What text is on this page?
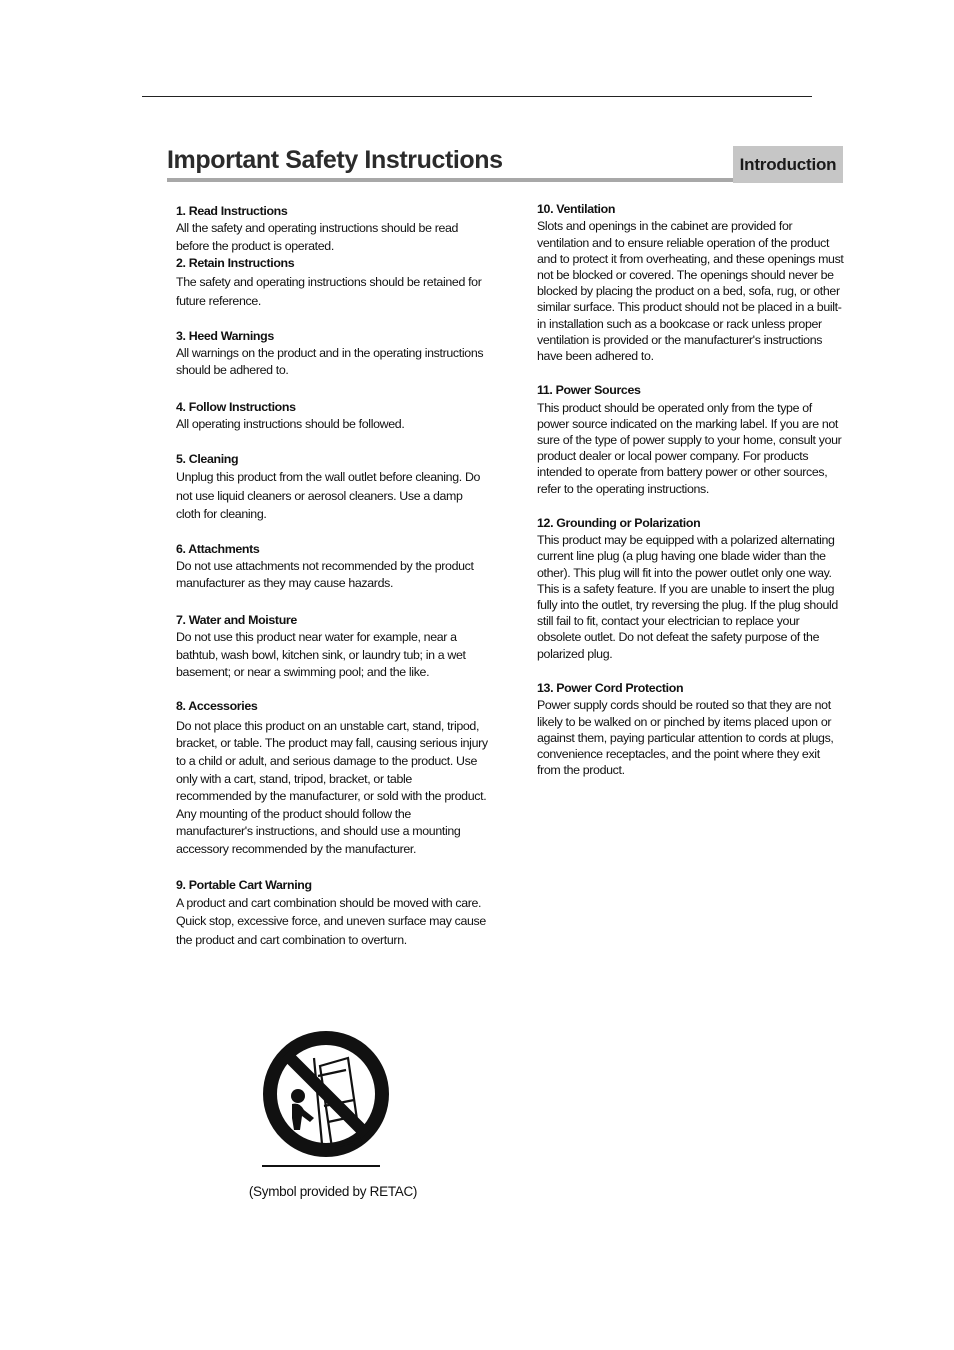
Important Safety Instructions	Introduction
1. Read Instructions

All the safety and operating instructions should be read before the product is operated.

2. Retain Instructions

The safety and operating instructions should be retained for future reference.

3. Heed Warnings

All warnings on the product and in the operating instructions should be adhered to.

4. Follow Instructions

All operating instructions should be followed.

5. Cleaning

Unplug this product from the wall outlet before cleaning. Do not use liquid cleaners or aerosol cleaners. Use a damp cloth for cleaning.

6. Attachments

Do not use attachments not recommended by the product manufacturer as they may cause hazards.

7. Water and Moisture

Do not use this product near water for example, near a bathtub, wash bowl, kitchen sink, or laundry tub; in a wet basement; or near a swimming pool; and the like.

8. Accessories

Do not place this product on an unstable cart, stand, tripod, bracket, or table. The product may fall, causing serious injury to a child or adult, and serious damage to the product. Use only with a cart, stand, tripod, bracket, or table recommended by the manufacturer, or sold with the product. Any mounting of the product should follow the manufacturer's instructions, and should use a mounting accessory recommended by the manufacturer.

9. Portable Cart Warning

A product and cart combination should be moved with care. Quick stop, excessive force, and uneven surface may cause the product and cart combination to overturn.

10. Ventilation

Slots and openings in the cabinet are provided for ventilation and to ensure reliable operation of the product and to protect it from overheating, and these openings must not be blocked or covered. The openings should never be blocked by placing the product on a bed, sofa, rug, or other similar surface. This product should not be placed in a built-in installation such as a bookcase or rack unless proper ventilation is provided or the manufacturer's instructions have been adhered to.

11. Power Sources

This product should be operated only from the type of power source indicated on the marking label. If you are not sure of the type of power supply to your home, consult your product dealer or local power company. For products intended to operate from battery power or other sources, refer to the operating instructions.

12. Grounding or Polarization

This product may be equipped with a polarized alternating current line plug (a plug having one blade wider than the other). This plug will fit into the power outlet only one way. This is a safety feature. If you are unable to insert the plug fully into the outlet, try reversing the plug. If the plug should still fail to fit, contact your electrician to replace your obsolete outlet. Do not defeat the safety purpose of the polarized plug.

13. Power Cord Protection

Power supply cords should be routed so that they are not likely to be walked on or pinched by items placed upon or against them, paying particular attention to cords at plugs, convenience receptacles, and the point where they exit from the product.

(Symbol provided by RETAC)
